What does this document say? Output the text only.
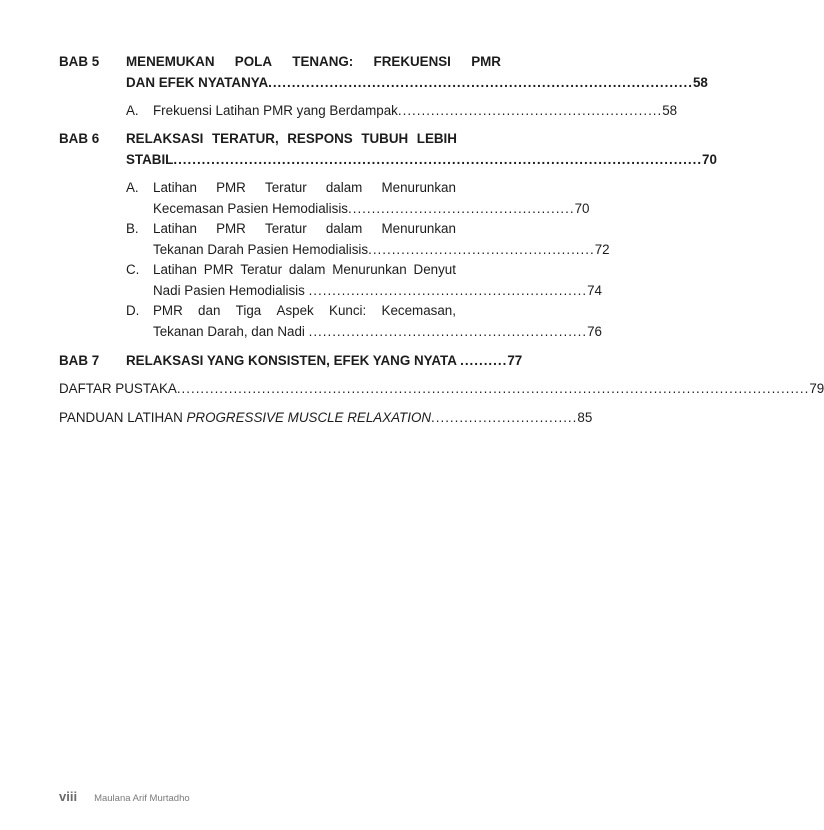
BAB 5 MENEMUKAN POLA TENANG: FREKUENSI PMR
DAN EFEK NYATANYA .......................................................................................... 58
A. Frekuensi Latihan PMR yang Berdampak ........................................................ 58
BAB 6 RELAKSASI TERATUR, RESPONS TUBUH LEBIH
STABIL ................................................................................................................ 70
A. Latihan PMR Teratur dalam Menurunkan
Kecemasan Pasien Hemodialisis ................................................ 70
B. Latihan PMR Teratur dalam Menurunkan
Tekanan Darah Pasien Hemodialisis ................................................ 72
C. Latihan PMR Teratur dalam Menurunkan Denyut
Nadi Pasien Hemodialisis ........................................................... 74
D. PMR dan Tiga Aspek Kunci: Kecemasan,
Tekanan Darah, dan Nadi ........................................................... 76
BAB 7 RELAKSASI YANG KONSISTEN, EFEK YANG NYATA .......... 77
DAFTAR PUSTAKA ...................................................................................................................................... 79
PANDUAN LATIHAN PROGRESSIVE MUSCLE RELAXATION ............................... 85
viii Maulana Arif Murtadho
